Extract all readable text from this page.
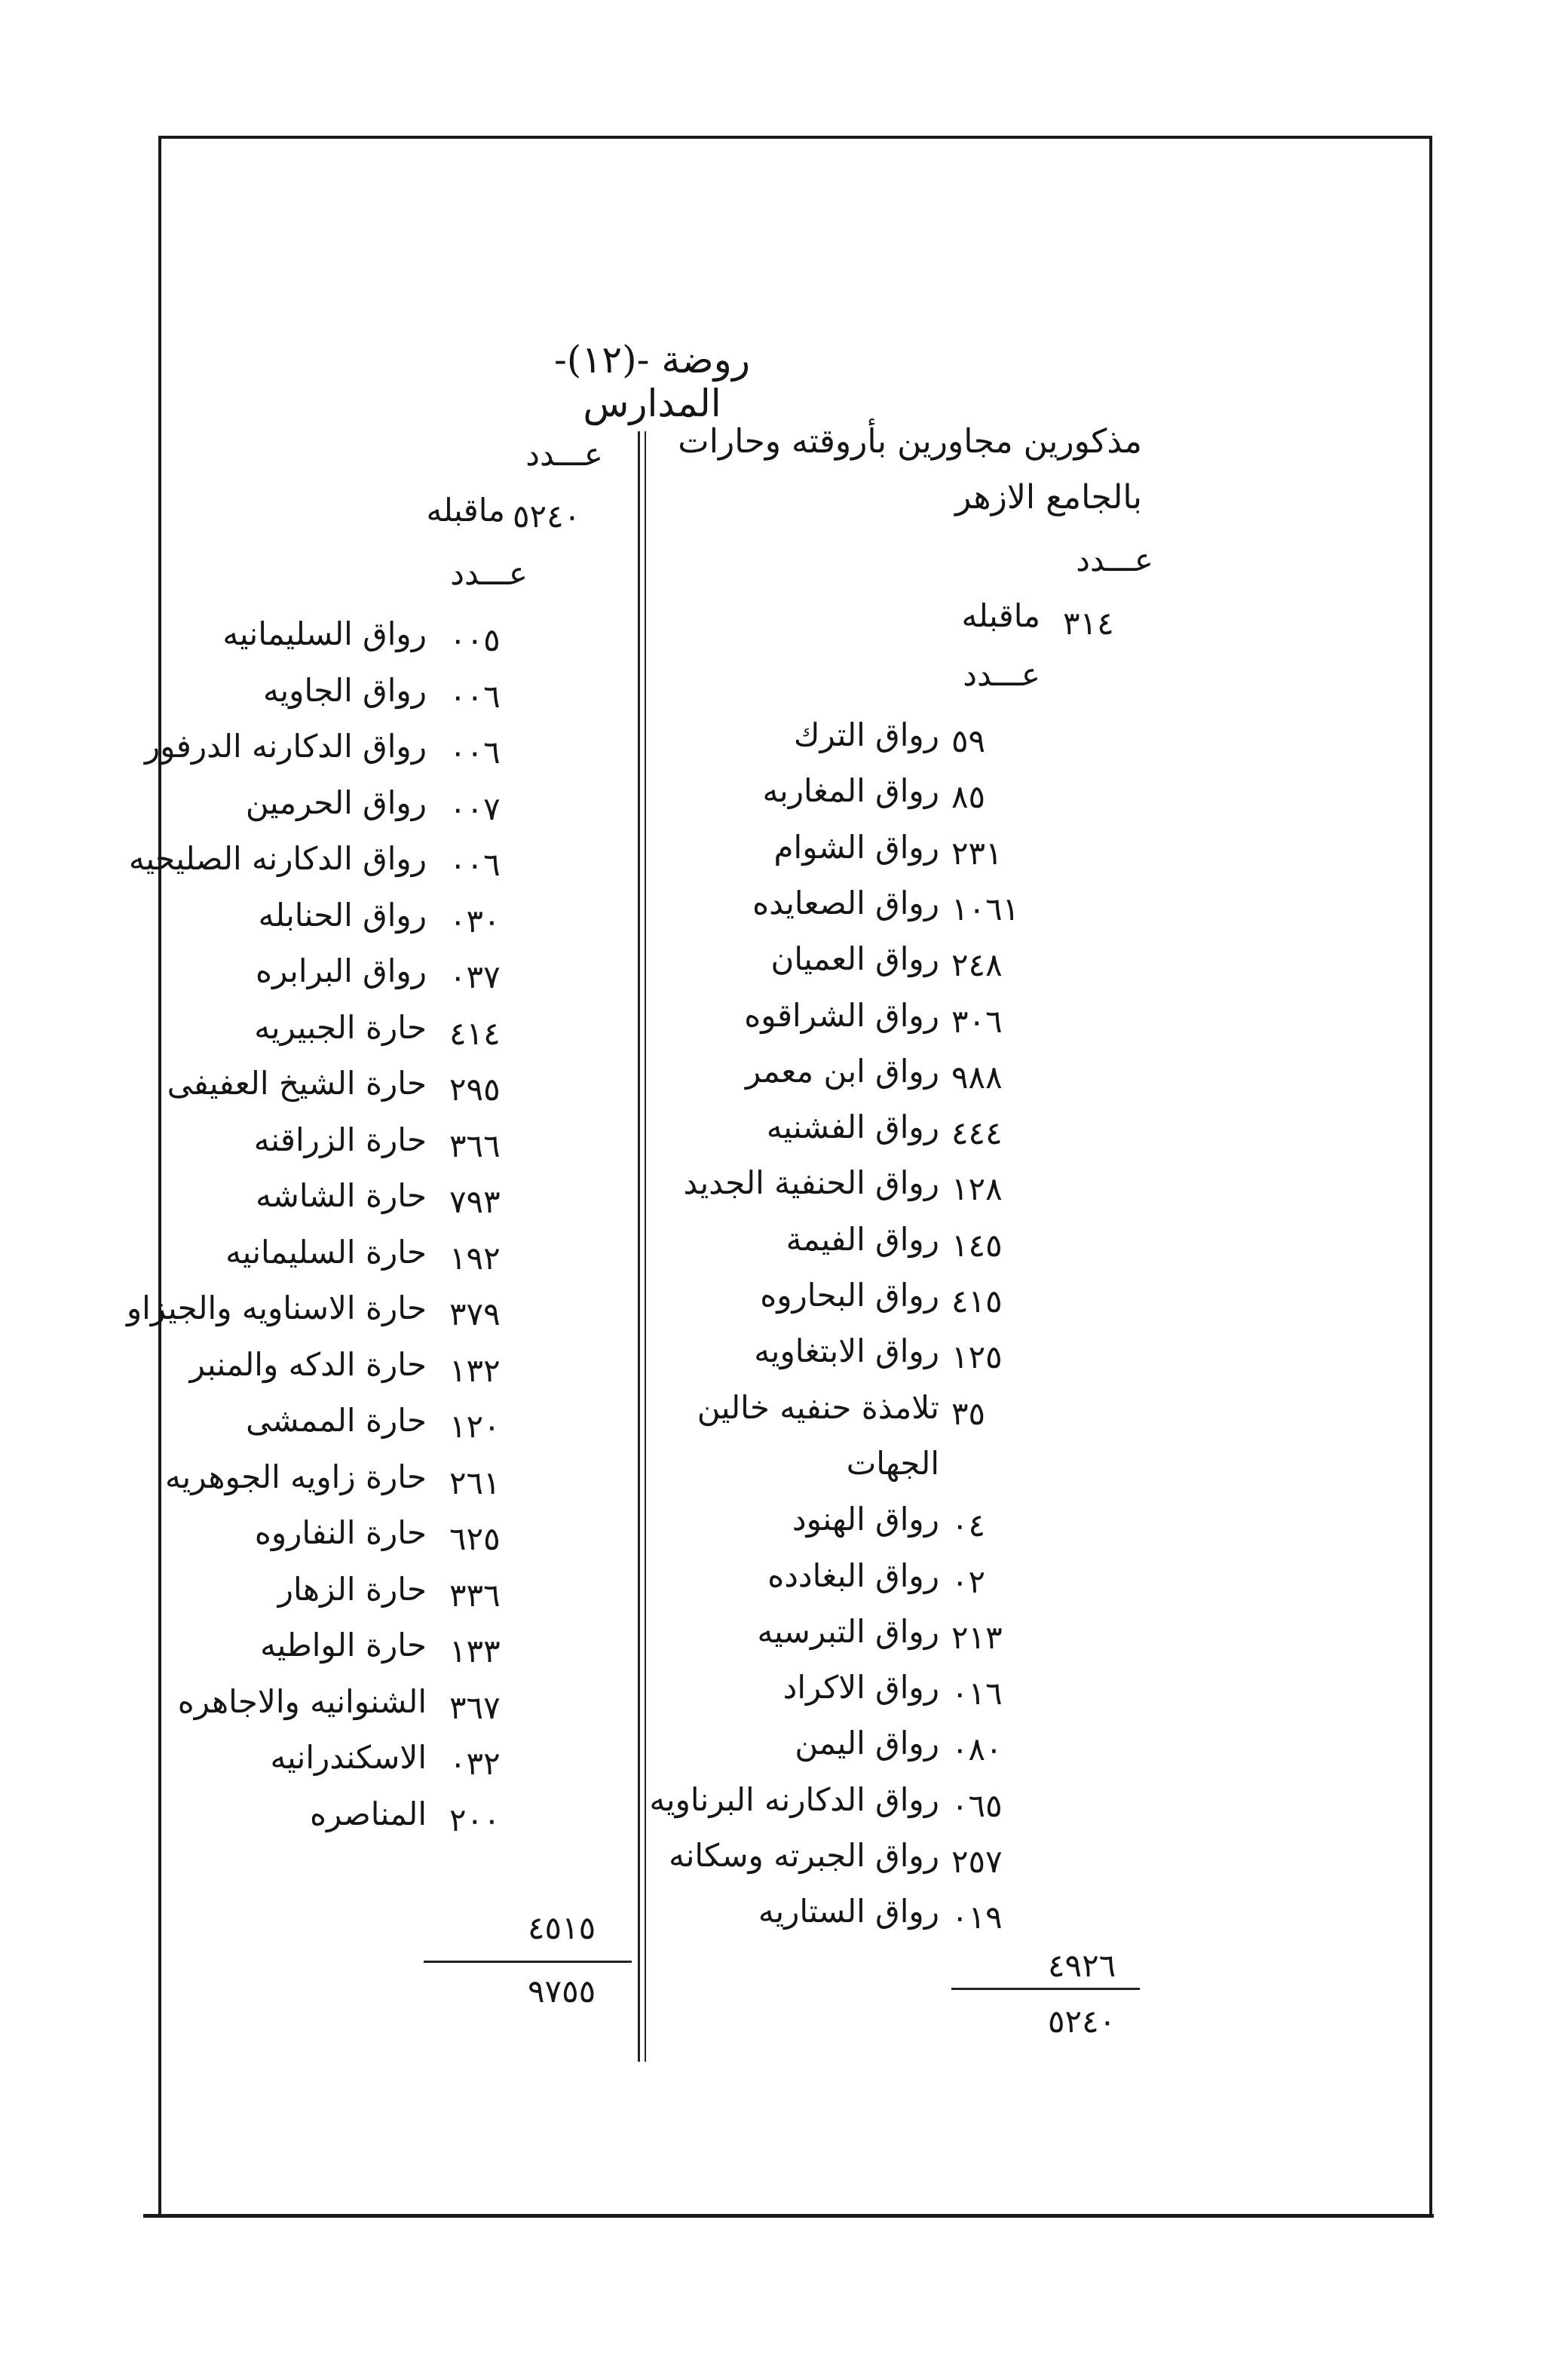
روضة -(١٢)- المدارس
مذكورين مجاورين بأروقته وحارات
بالجامع الازهر
عـــدد
٣١٤
ماقبله
عـــدد
٥٩
رواق الترك
٨٥
رواق المغاربه
٢٣١
رواق الشوام
١٠٦١
رواق الصعايده
٢٤٨
رواق العميان
٣٠٦
رواق الشراقوه
٩٨٨
رواق ابن معمر
٤٤٤
رواق الفشنيه
١٢٨
رواق الحنفية الجديد
١٤٥
رواق الفيمة
٤١٥
رواق البحاروه
١٢٥
رواق الابتغاويه
٣٥
تلامذة حنفيه خالين
الجهات
٠٤
رواق الهنود
٠٢
رواق البغادده
٢١٣
رواق التبرسيه
٠١٦
رواق الاكراد
٠٨٠
رواق اليمن
٠٦٥
رواق الدكارنه البرناويه
٢٥٧
رواق الجبرته وسكانه
٠١٩
رواق الستاريه
٤٩٢٦
٥٢٤٠
عـــدد
٥٢٤٠
ماقبله
عـــدد
٠٠٥
رواق السليمانيه
٠٠٦
رواق الجاويه
٠٠٦
رواق الدكارنه الدرفور
٠٠٧
رواق الحرمين
٠٠٦
رواق الدكارنه الصليحيه
٠٣٠
رواق الحنابله
٠٣٧
رواق البرابره
٤١٤
حارة الجبيريه
٢٩٥
حارة الشيخ العفيفى
٣٦٦
حارة الزراقنه
٧٩٣
حارة الشاشه
١٩٢
حارة السليمانيه
٣٧٩
حارة الاسناويه والجيزاو
١٣٢
حارة الدكه والمنبر
١٢٠
حارة الممشى
٢٦١
حارة زاويه الجوهريه
٦٢٥
حارة النفاروه
٣٣٦
حارة الزهار
١٣٣
حارة الواطيه
٣٦٧
الشنوانيه والاجاهره
٠٣٢
الاسكندرانيه
٢٠٠
المناصره
٤٥١٥
٩٧٥٥
